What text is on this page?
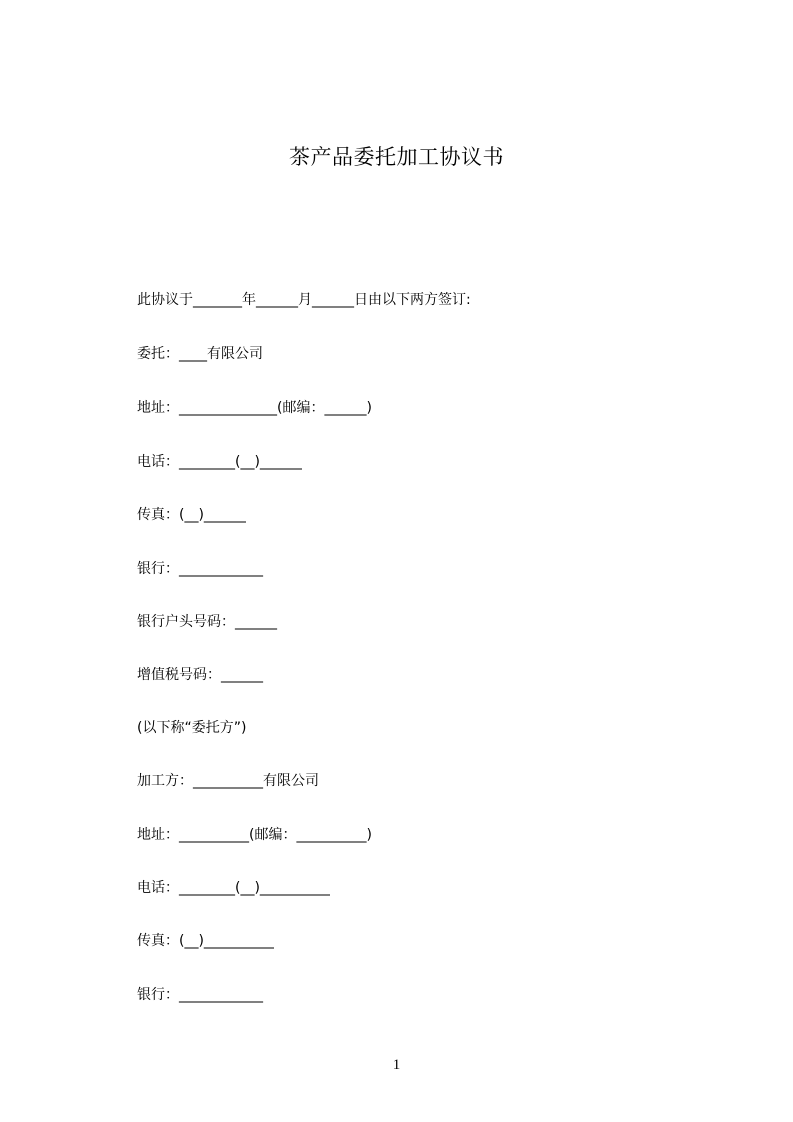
茶产品委托加工协议书
此协议于_______年______月______日由以下两方签订:
委托：____有限公司
地址：______________(邮编：______)
电话：________(__)______
传真：(__)______
银行：____________
银行户头号码：______
增值税号码：______
(以下称“委托方”)
加工方：__________有限公司
地址：__________(邮编：__________)
电话：________(__)__________
传真：(__)__________
银行：____________
1
